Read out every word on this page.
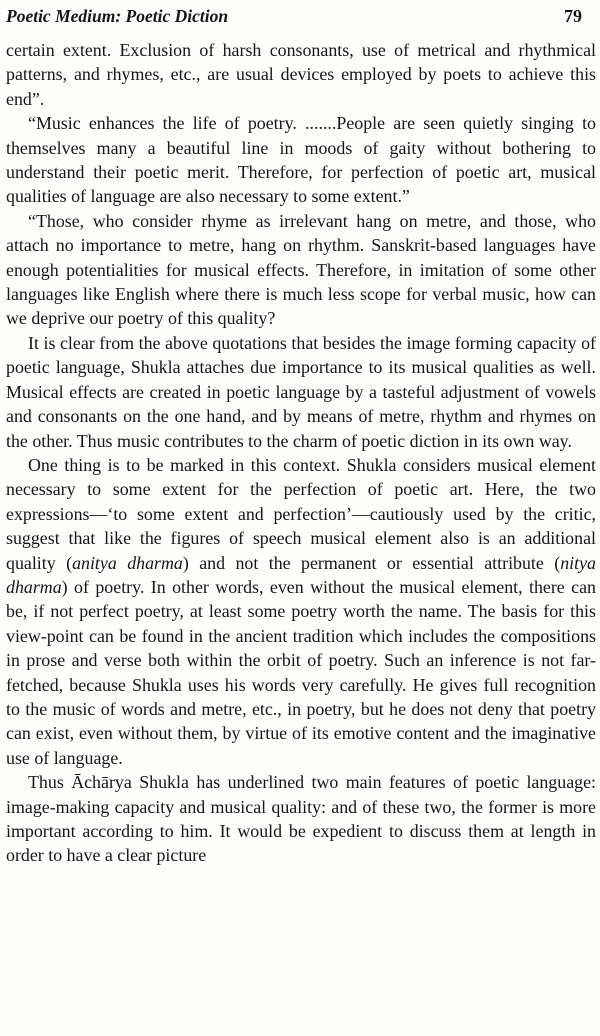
Poetic Medium: Poetic Diction	79

certain extent. Exclusion of harsh consonants, use of metrical and rhythmical patterns, and rhymes, etc., are usual devices employed by poets to achieve this end”.

“Music enhances the life of poetry. .......People are seen quietly singing to themselves many a beautiful line in moods of gaity without bothering to understand their poetic merit. Therefore, for perfection of poetic art, musical qualities of language are also necessary to some extent.”

“Those, who consider rhyme as irrelevant hang on metre, and those, who attach no importance to metre, hang on rhythm. Sanskrit-based languages have enough potentialities for musical effects. Therefore, in imitation of some other languages like English where there is much less scope for verbal music, how can we deprive our poetry of this quality?

It is clear from the above quotations that besides the image forming capacity of poetic language, Shukla attaches due importance to its musical qualities as well. Musical effects are created in poetic language by a tasteful adjustment of vowels and consonants on the one hand, and by means of metre, rhythm and rhymes on the other. Thus music contributes to the charm of poetic diction in its own way.

One thing is to be marked in this context. Shukla considers musical element necessary to some extent for the perfection of poetic art. Here, the two expressions—‘to some extent and perfection’—cautiously used by the critic, suggest that like the figures of speech musical element also is an additional quality (anitya dharma) and not the permanent or essential attribute (nitya dharma) of poetry. In other words, even without the musical element, there can be, if not perfect poetry, at least some poetry worth the name. The basis for this view-point can be found in the ancient tradition which includes the compositions in prose and verse both within the orbit of poetry. Such an inference is not far-fetched, because Shukla uses his words very carefully. He gives full recognition to the music of words and metre, etc., in poetry, but he does not deny that poetry can exist, even without them, by virtue of its emotive content and the imaginative use of language.

Thus Āchārya Shukla has underlined two main features of poetic language: image-making capacity and musical quality: and of these two, the former is more important according to him. It would be expedient to discuss them at length in order to have a clear picture
